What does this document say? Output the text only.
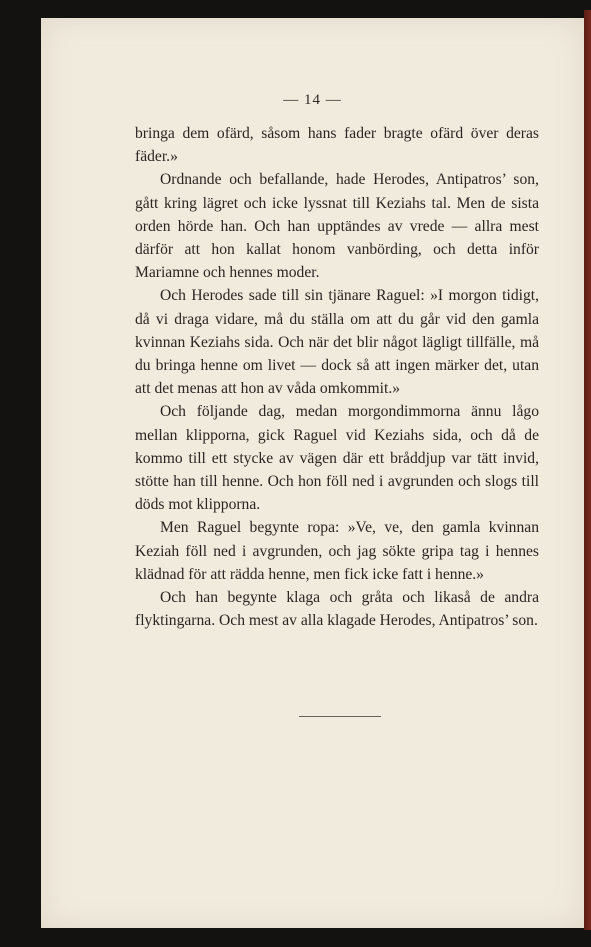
— 14 —

bringa dem ofärd, såsom hans fader bragte ofärd över deras fäder.»

Ordnande och befallande, hade Herodes, Antipatros’ son, gått kring lägret och icke lyssnat till Keziahs tal. Men de sista orden hörde han. Och han upptändes av vrede — allra mest därför att hon kallat honom vanbörding, och detta inför Mariamne och hennes moder.

Och Herodes sade till sin tjänare Raguel: »I morgon tidigt, då vi draga vidare, må du ställa om att du går vid den gamla kvinnan Keziahs sida. Och när det blir något lägligt tillfälle, må du bringa henne om livet — dock så att ingen märker det, utan att det menas att hon av våda omkommit.»

Och följande dag, medan morgondimmorna ännu lågo mellan klipporna, gick Raguel vid Keziahs sida, och då de kommo till ett stycke av vägen där ett bråddjup var tätt invid, stötte han till henne. Och hon föll ned i avgrunden och slogs till döds mot klipporna.

Men Raguel begynte ropa: »Ve, ve, den gamla kvinnan Keziah föll ned i avgrunden, och jag sökte gripa tag i hennes klädnad för att rädda henne, men fick icke fatt i henne.»

Och han begynte klaga och gråta och likaså de andra flyktingarna. Och mest av alla klagade Herodes, Antipatros’ son.
